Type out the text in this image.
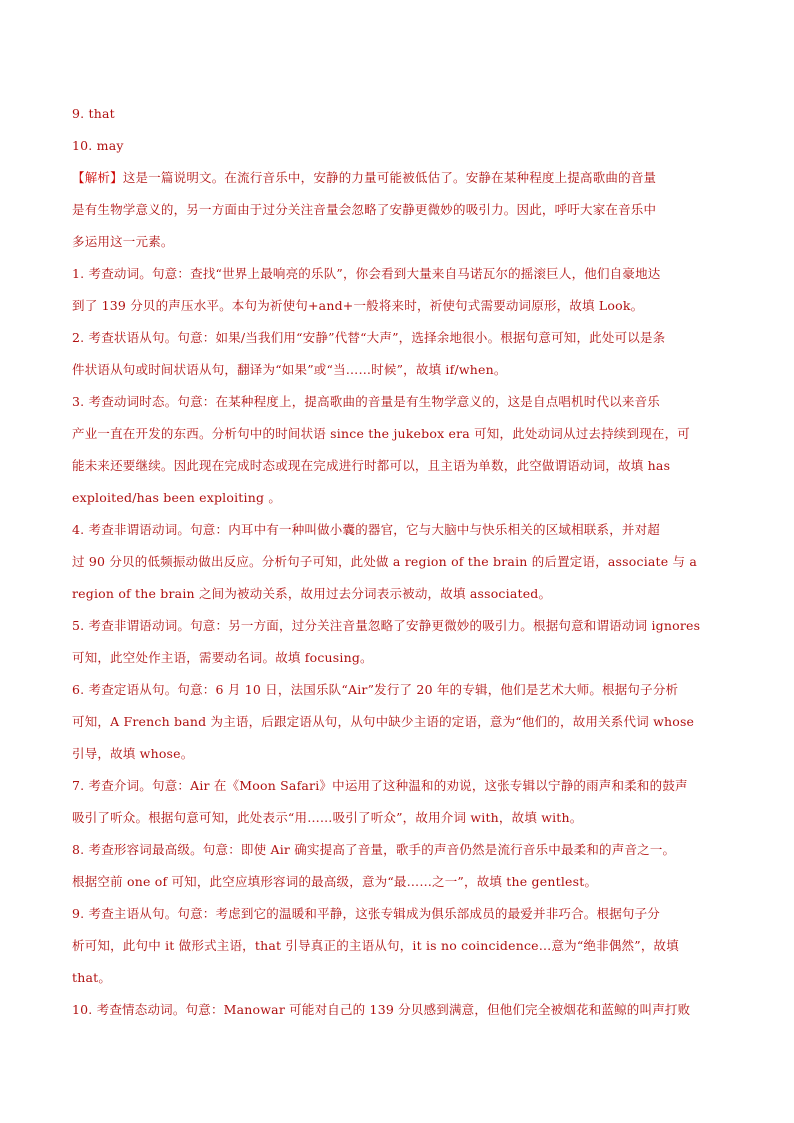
9. that
10. may
【解析】这是一篇说明文。在流行音乐中，安静的力量可能被低估了。安静在某种程度上提高歌曲的音量
是有生物学意义的，另一方面由于过分关注音量会忽略了安静更微妙的吸引力。因此，呼吁大家在音乐中
多运用这一元素。
1. 考查动词。句意：查找“世界上最响亮的乐队”，你会看到大量来自马诺瓦尔的摇滚巨人，他们自豪地达
到了 139 分贝的声压水平。本句为祈使句+and+一般将来时，祈使句式需要动词原形，故填 Look。
2. 考查状语从句。句意：如果/当我们用“安静”代替“大声”，选择余地很小。根据句意可知，此处可以是条
件状语从句或时间状语从句，翻译为“如果”或“当……时候”，故填 if/when。
3. 考查动词时态。句意：在某种程度上，提高歌曲的音量是有生物学意义的，这是自点唱机时代以来音乐
产业一直在开发的东西。分析句中的时间状语 since the jukebox era 可知，此处动词从过去持续到现在，可
能未来还要继续。因此现在完成时态或现在完成进行时都可以，且主语为单数，此空做谓语动词，故填 has
exploited/has been exploiting 。
4. 考查非谓语动词。句意：内耳中有一种叫做小囊的器官，它与大脑中与快乐相关的区域相联系，并对超
过 90 分贝的低频振动做出反应。分析句子可知，此处做 a region of the brain 的后置定语，associate 与 a
region of the brain 之间为被动关系，故用过去分词表示被动，故填 associated。
5. 考查非谓语动词。句意：另一方面，过分关注音量忽略了安静更微妙的吸引力。根据句意和谓语动词 ignores
可知，此空处作主语，需要动名词。故填 focusing。
6. 考查定语从句。句意：6 月 10 日，法国乐队“Air”发行了 20 年的专辑，他们是艺术大师。根据句子分析
可知，A French band 为主语，后跟定语从句，从句中缺少主语的定语，意为“他们的，故用关系代词 whose
引导，故填 whose。
7. 考查介词。句意：Air 在《Moon Safari》中运用了这种温和的劝说，这张专辑以宁静的雨声和柔和的鼓声
吸引了听众。根据句意可知，此处表示“用……吸引了听众”，故用介词 with，故填 with。
8. 考查形容词最高级。句意：即使 Air 确实提高了音量，歌手的声音仍然是流行音乐中最柔和的声音之一。
根据空前 one of 可知，此空应填形容词的最高级，意为“最……之一”，故填 the gentlest。
9. 考查主语从句。句意：考虑到它的温暖和平静，这张专辑成为俱乐部成员的最爱并非巧合。根据句子分
析可知，此句中 it 做形式主语，that 引导真正的主语从句，it is no coincidence…意为“绝非偶然”，故填
that。
10. 考查情态动词。句意：Manowar 可能对自己的 139 分贝感到满意，但他们完全被烟花和蓝鲸的叫声打败
